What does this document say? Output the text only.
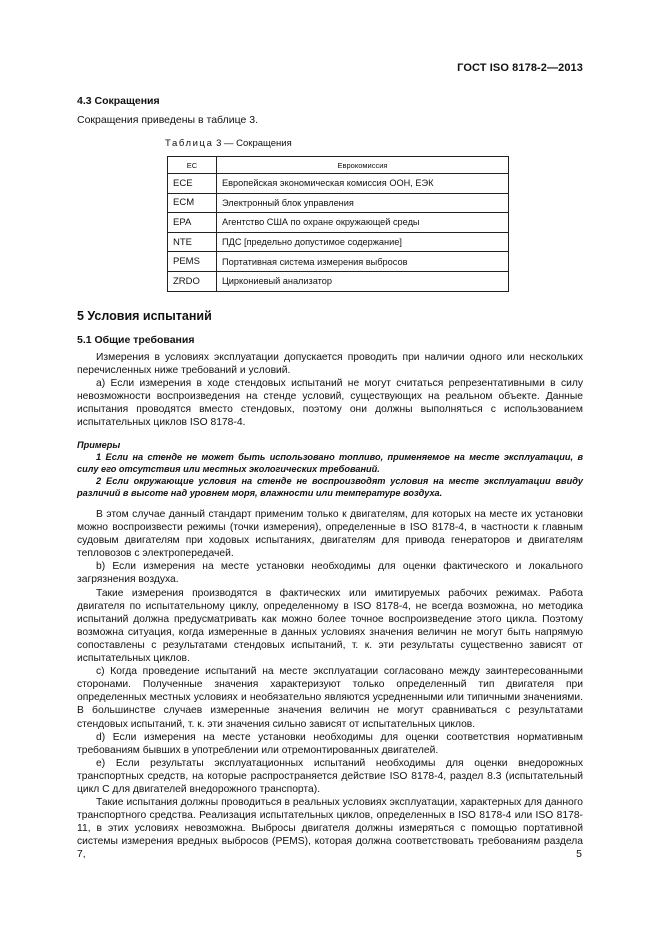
ГОСТ ISO 8178-2—2013
4.3 Сокращения
Сокращения приведены в таблице 3.
Таблица 3 — Сокращения
ЕС	Еврокомиссия
ECE	Европейская экономическая комиссия ООН, ЕЭК
ECM	Электронный блок управления
EPA	Агентство США по охране окружающей среды
NTE	ПДС [предельно допустимое содержание]
PEMS	Портативная система измерения выбросов
ZRDO	Циркониевый анализатор
5 Условия испытаний
5.1 Общие требования

Измерения в условиях эксплуатации допускается проводить при наличии одного или нескольких перечисленных ниже требований и условий.

a) Если измерения в ходе стендовых испытаний не могут считаться репрезентативными в силу невозможности воспроизведения на стенде условий, существующих на реальном объекте. Данные испытания проводятся вместо стендовых, поэтому они должны выполняться с использованием испытательных циклов ISO 8178-4.

Примеры

1 Если на стенде не может быть использовано топливо, применяемое на месте эксплуатации, в силу его отсутствия или местных экологических требований.

2 Если окружающие условия на стенде не воспроизводят условия на месте эксплуатации ввиду различий в высоте над уровнем моря, влажности или температуре воздуха.

В этом случае данный стандарт применим только к двигателям, для которых на месте их установки можно воспроизвести режимы (точки измерения), определенные в ISO 8178-4, в частности к главным судовым двигателям при ходовых испытаниях, двигателям для привода генераторов и двигателям тепловозов с электропередачей.

b) Если измерения на месте установки необходимы для оценки фактического и локального загрязнения воздуха.

Такие измерения производятся в фактических или имитируемых рабочих режимах. Работа двигателя по испытательному циклу, определенному в ISO 8178-4, не всегда возможна, но методика испытаний должна предусматривать как можно более точное воспроизведение этого цикла. Поэтому возможна ситуация, когда измеренные в данных условиях значения величин не могут быть напрямую сопоставлены с результатами стендовых испытаний, т. к. эти результаты существенно зависят от испытательных циклов.

c) Когда проведение испытаний на месте эксплуатации согласовано между заинтересованными сторонами. Полученные значения характеризуют только определенный тип двигателя при определенных местных условиях и необязательно являются усредненными или типичными значениями. В большинстве случаев измеренные значения величин не могут сравниваться с результатами стендовых испытаний, т. к. эти значения сильно зависят от испытательных циклов.

d) Если измерения на месте установки необходимы для оценки соответствия нормативным требованиям бывших в употреблении или отремонтированных двигателей.

e) Если результаты эксплуатационных испытаний необходимы для оценки внедорожных транспортных средств, на которые распространяется действие ISO 8178-4, раздел 8.3 (испытательный цикл C для двигателей внедорожного транспорта).

Такие испытания должны проводиться в реальных условиях эксплуатации, характерных для данного транспортного средства. Реализация испытательных циклов, определенных в ISO 8178-4 или ISO 8178-11, в этих условиях невозможна. Выбросы двигателя должны измеряться с помощью портативной системы измерения вредных выбросов (PEMS), которая должна соответствовать требованиям раздела 7,	5
